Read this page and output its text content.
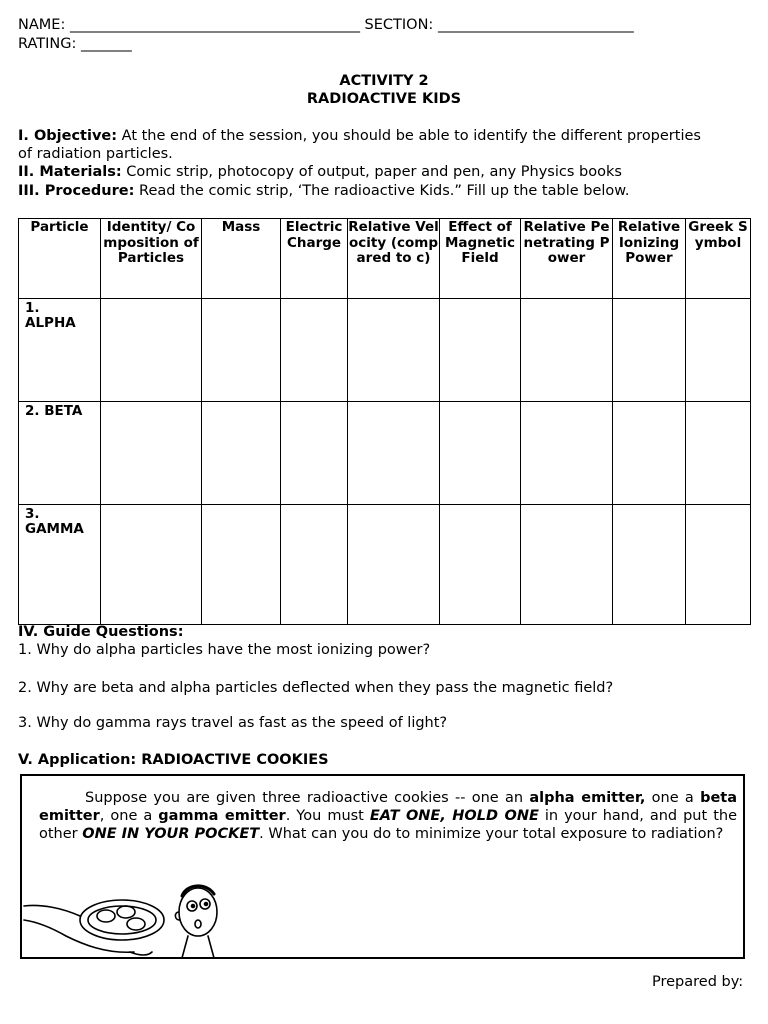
NAME: ________________________________________ SECTION: ___________________________
RATING: _______
ACTIVITY 2
RADIOACTIVE KIDS
I. Objective: At the end of the session, you should be able to identify the different properties
of radiation particles.
II. Materials: Comic strip, photocopy of output, paper and pen, any Physics books
III. Procedure: Read the comic strip, ‘The radioactive Kids.” Fill up the table below.
Particle	Identity/ Composition of Particles	Mass	Electric Charge	Relative Velocity (compared to c)	Effect of Magnetic Field	Relative Penetrating Power	Relative Ionizing Power	Greek Symbol
1. ALPHA								
2. BETA								
3. GAMMA								
IV. Guide Questions:
1. Why do alpha particles have the most ionizing power?
2. Why are beta and alpha particles deflected when they pass the magnetic field?
3. Why do gamma rays travel as fast as the speed of light?
V. Application: RADIOACTIVE COOKIES
Suppose you are given three radioactive cookies -- one an alpha emitter, one a beta emitter, one a gamma emitter. You must EAT ONE, HOLD ONE in your hand, and put the other ONE IN YOUR POCKET. What can you do to minimize your total exposure to radiation?
Prepared by:
